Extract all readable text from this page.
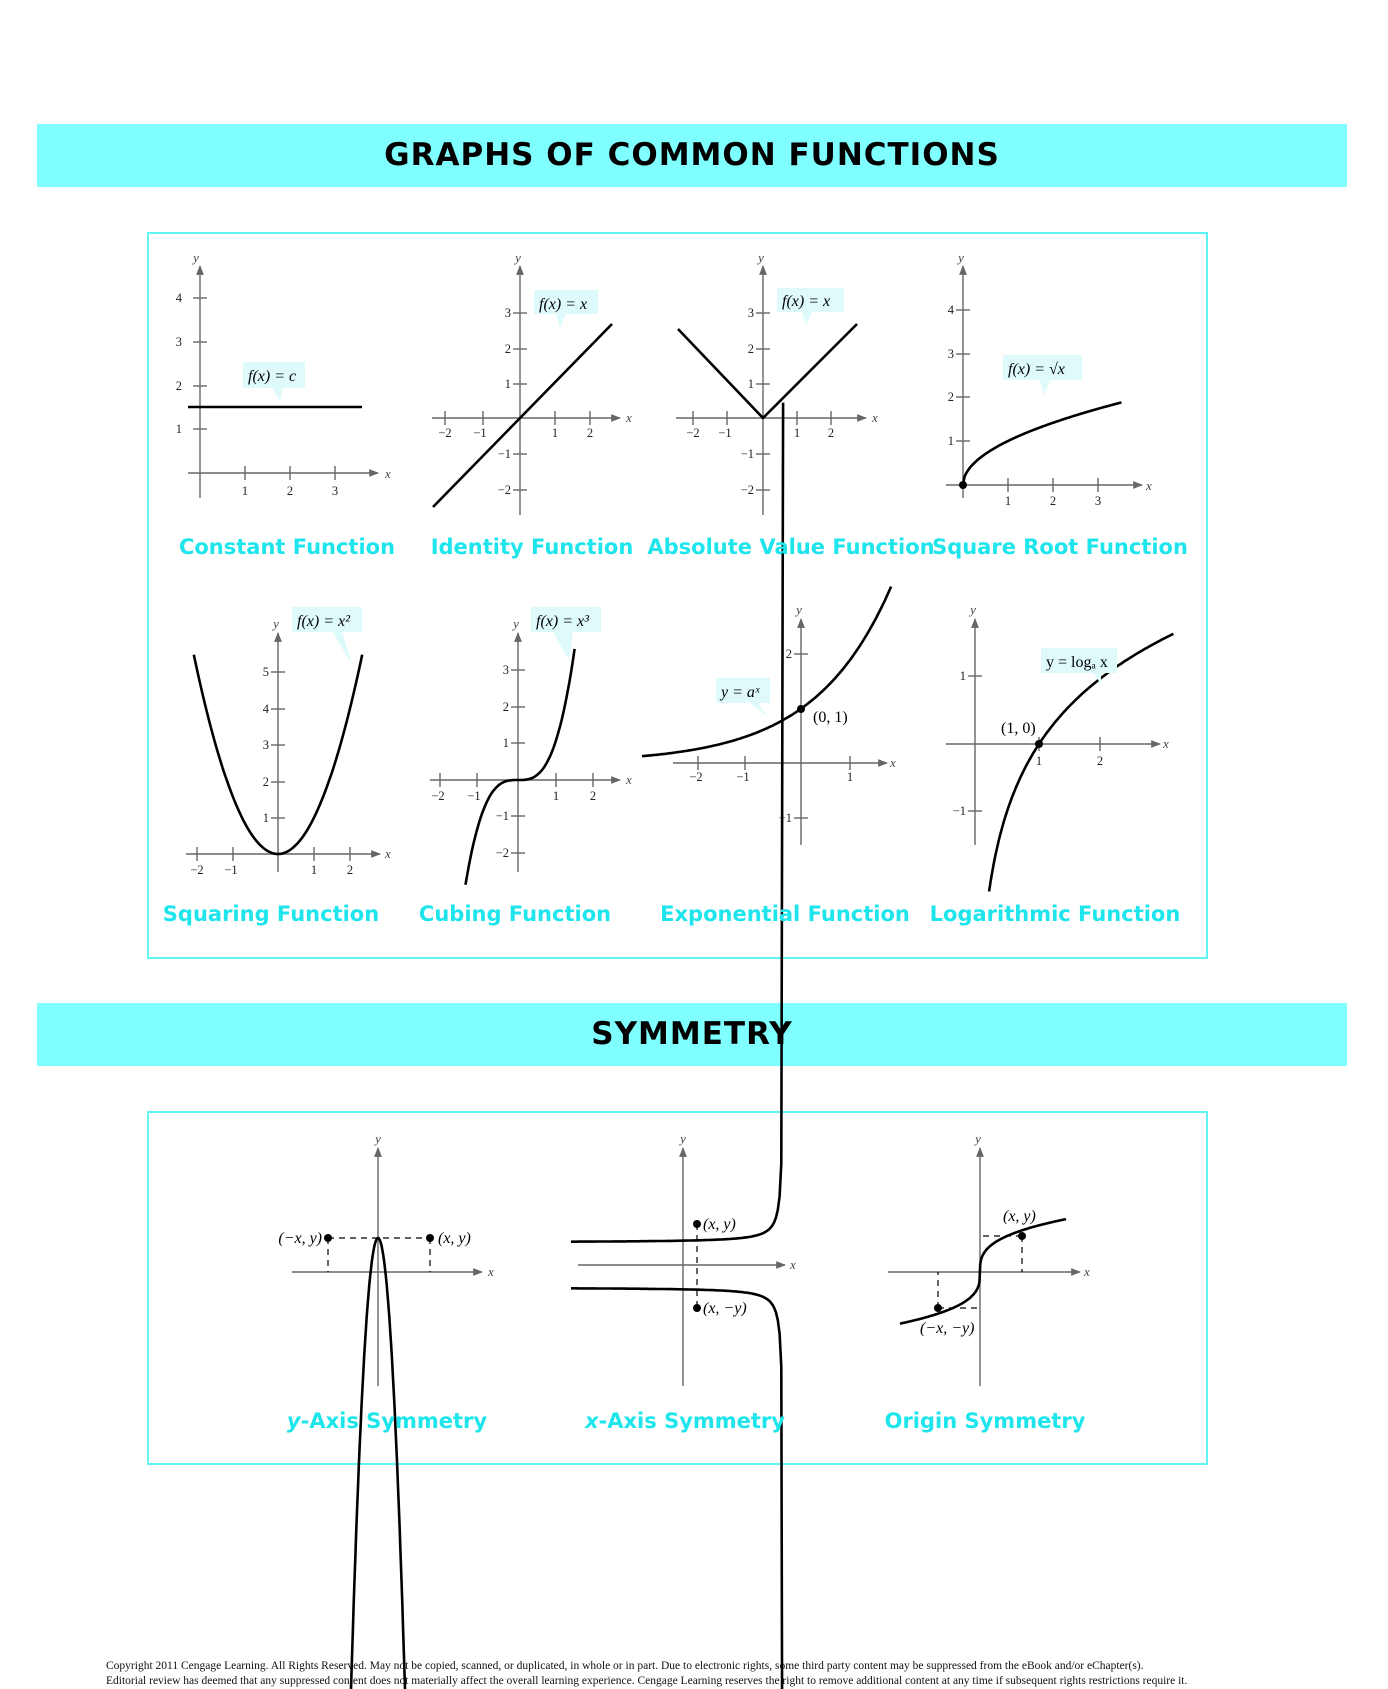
GRAPHS OF COMMON FUNCTIONS
SYMMETRY
4
3
2
1
1	2	3
y
x
f(x) = c
−2 −1	1 2
3
2
1
−1
−2
y
x
f(x) = x
−2 −1	1 2
3
2
1
−1
−2
y
x
f(x) = x
1	2	3
4
3
2
1
y
x
f(x) = √x
−2 −1	1 2
5
4
3
2
1
y
x
f(x) = x²
−2 −1	1 2
3
2
1
−1
−2
y
x
f(x) = x³
−2	−1	1
2
−1
y
x
y = aˣ
(0, 1)
1	2
1
−1
y
x
y = logₐ x
(1, 0)
(−x, y)	(x, y)
y
x
(x, y)
(x, −y)
y
x
(x, y)
(−x, −y)
y
x
Constant Function	Identity Function Absolute Value Function
Square Root Function
Squaring Function	Cubing Function	Exponential Function Logarithmic Function
y-Axis Symmetry	x-Axis Symmetry	Origin Symmetry
Copyright 2011 Cengage Learning. All Rights Reserved. May not be copied, scanned, or duplicated, in whole or in part. Due to electronic rights, some third party content may be suppressed from the eBook and/or eChapter(s).
Editorial review has deemed that any suppressed content does not materially affect the overall learning experience. Cengage Learning reserves the right to remove additional content at any time if subsequent rights restrictions require it.
